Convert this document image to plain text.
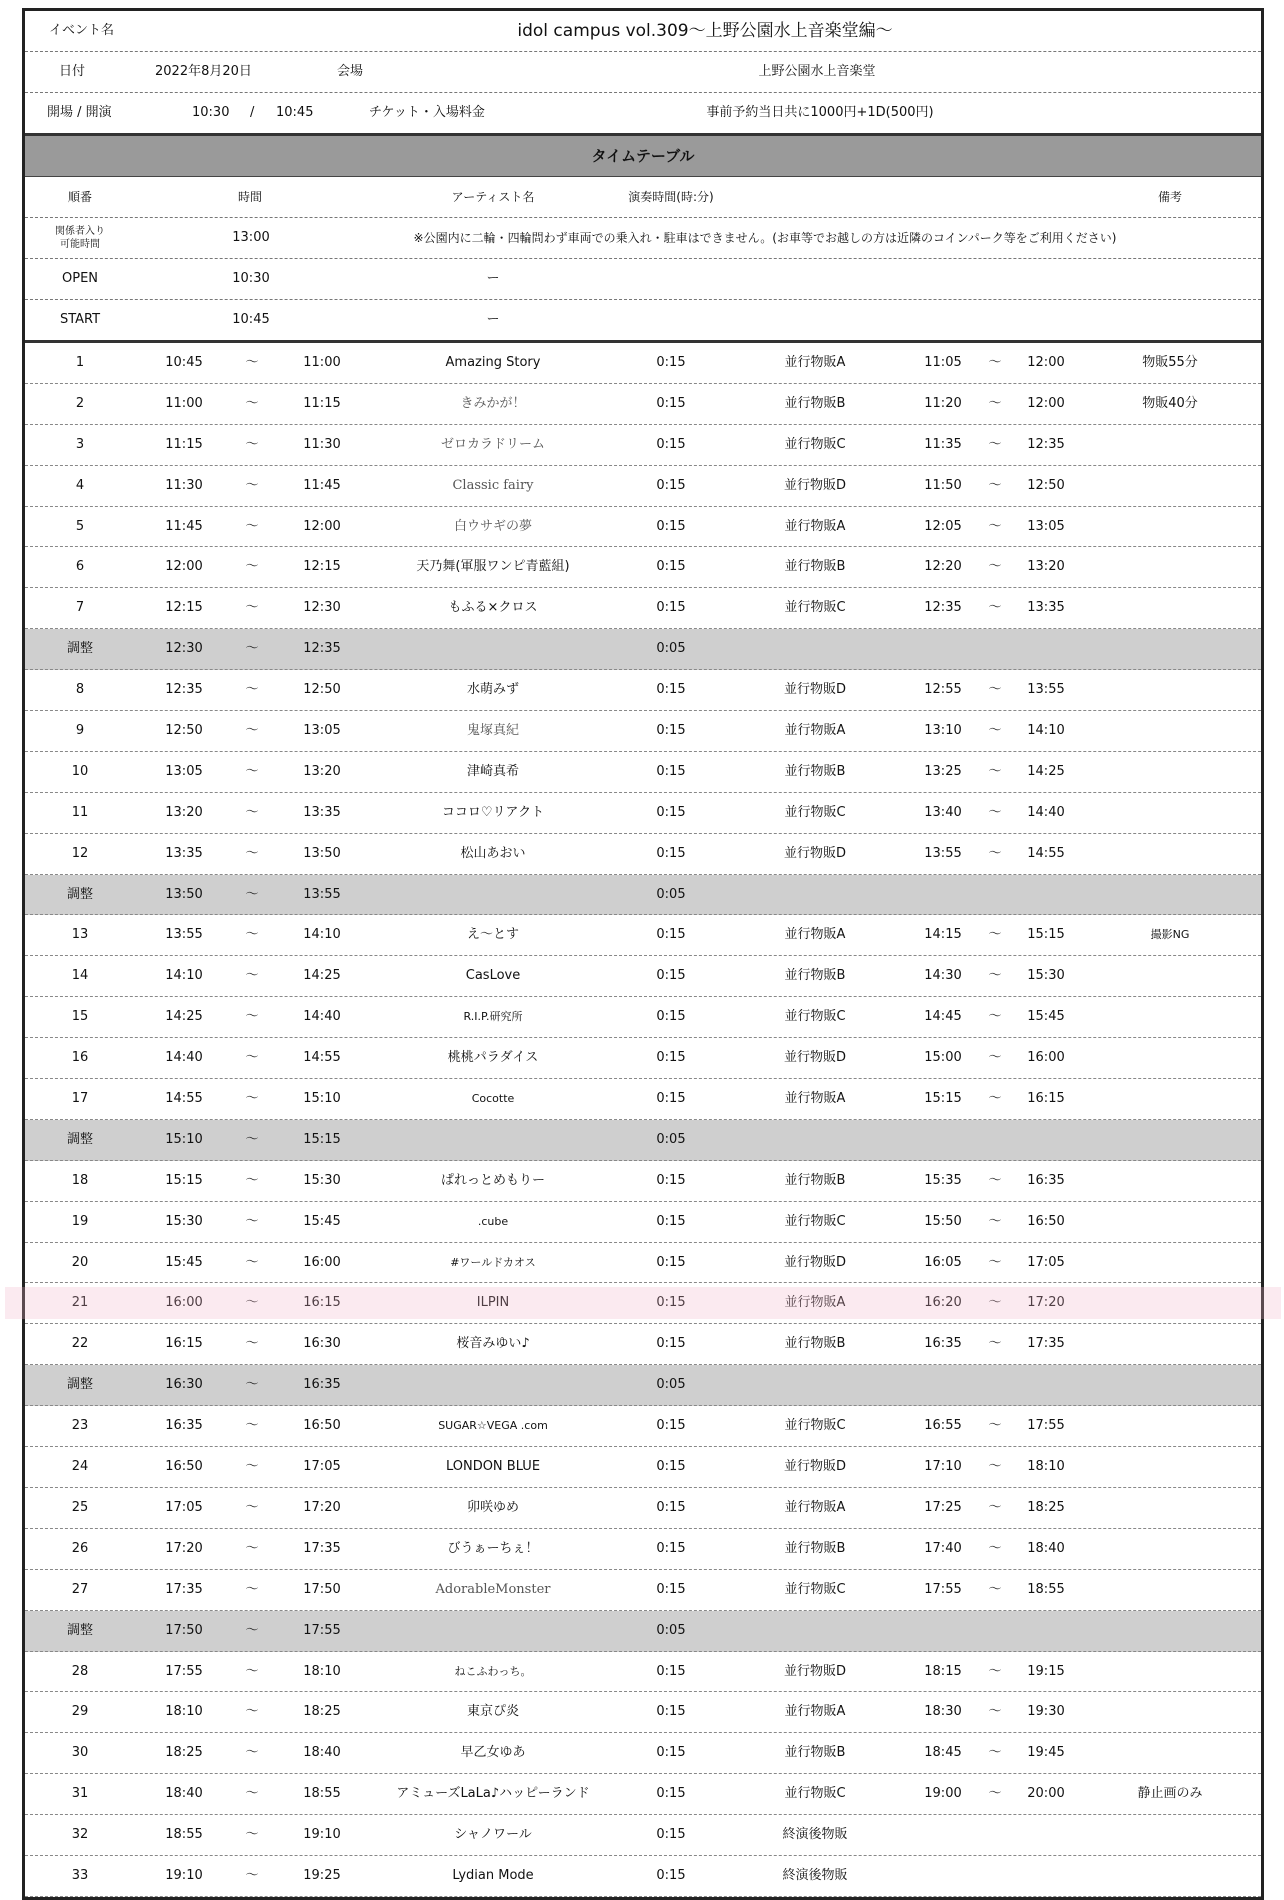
イベント名	idol campus vol.309〜上野公園水上音楽堂編〜
日付	2022年8月20日	会場	上野公園水上音楽堂
開場 / 開演	10:30 / 10:45	チケット・入場料金	事前予約当日共に1000円+1D(500円)
タイムテーブル
順番	時間	アーティスト名	演奏時間(時:分)	備考
関係者入り
可能時間	13:00	※公園内に二輪・四輪問わず車両での乗入れ・駐車はできません。(お車等でお越しの方は近隣のコインパーク等をご利用ください)
OPEN	10:30	ー
START	10:45	ー
1	10:45	〜	11:00	Amazing Story	0:15	並行物販A	11:05 〜 12:00	物販55分
2	11:00	〜	11:15	きみかが！	0:15	並行物販B	11:20 〜 12:00	物販40分
3	11:15	〜	11:30	ゼロカラドリーム	0:15	並行物販C	11:35 〜 12:35
4	11:30	〜	11:45	Classic fairy	0:15	並行物販D	11:50 〜 12:50
5	11:45	〜	12:00	白ウサギの夢	0:15	並行物販A	12:05 〜 13:05
6	12:00	〜	12:15	天乃舞(軍服ワンピ青藍組)	0:15	並行物販B	12:20 〜 13:20
7	12:15	〜	12:30	もふる×クロス	0:15	並行物販C	12:35 〜 13:35
調整	12:30	〜	12:35	0:05
8	12:35	〜	12:50	水萌みず	0:15	並行物販D	12:55 〜 13:55
9	12:50	〜	13:05	鬼塚真紀	0:15	並行物販A	13:10 〜 14:10
10	13:05	〜	13:20	津崎真希	0:15	並行物販B	13:25 〜 14:25
11	13:20	〜	13:35	ココロ♡リアクト	0:15	並行物販C	13:40 〜 14:40
12	13:35	〜	13:50	松山あおい	0:15	並行物販D	13:55 〜 14:55
調整	13:50	〜	13:55	0:05
13	13:55	〜	14:10	え〜とす	0:15	並行物販A	14:15 〜 15:15	撮影NG
14	14:10	〜	14:25	CasLove	0:15	並行物販B	14:30 〜 15:30
15	14:25	〜	14:40	R.I.P.研究所	0:15	並行物販C	14:45 〜 15:45
16	14:40	〜	14:55	桃桃パラダイス	0:15	並行物販D	15:00 〜 16:00
17	14:55	〜	15:10	Cocotte	0:15	並行物販A	15:15 〜 16:15
調整	15:10	〜	15:15	0:05
18	15:15	〜	15:30	ぱれっとめもりー	0:15	並行物販B	15:35 〜 16:35
19	15:30	〜	15:45	.cube	0:15	並行物販C	15:50 〜 16:50
20	15:45	〜	16:00	#ワールドカオス	0:15	並行物販D	16:05 〜 17:05
21	16:00	〜	16:15	ILPIN	0:15	並行物販A	16:20 〜 17:20
22	16:15	〜	16:30	桜音みゆい♪	0:15	並行物販B	16:35 〜 17:35
調整	16:30	〜	16:35	0:05
23	16:35	〜	16:50	SUGAR☆VEGA .com	0:15	並行物販C	16:55 〜 17:55
24	16:50	〜	17:05	LONDON BLUE	0:15	並行物販D	17:10 〜 18:10
25	17:05	〜	17:20	卯咲ゆめ	0:15	並行物販A	17:25 〜 18:25
26	17:20	〜	17:35	びうぁーちぇ！	0:15	並行物販B	17:40 〜 18:40
27	17:35	〜	17:50	AdorableMonster	0:15	並行物販C	17:55 〜 18:55
調整	17:50	〜	17:55	0:05
28	17:55	〜	18:10	ねこふわっち。	0:15	並行物販D	18:15 〜 19:15
29	18:10	〜	18:25	東京ぴ炎	0:15	並行物販A	18:30 〜 19:30
30	18:25	〜	18:40	早乙女ゆあ	0:15	並行物販B	18:45 〜 19:45
31	18:40	〜	18:55	アミューズLaLa♪ハッピーランド	0:15	並行物販C	19:00 〜 20:00	静止画のみ
32	18:55	〜	19:10	シャノワール	0:15	終演後物販
33	19:10	〜	19:25	Lydian Mode	0:15	終演後物販
